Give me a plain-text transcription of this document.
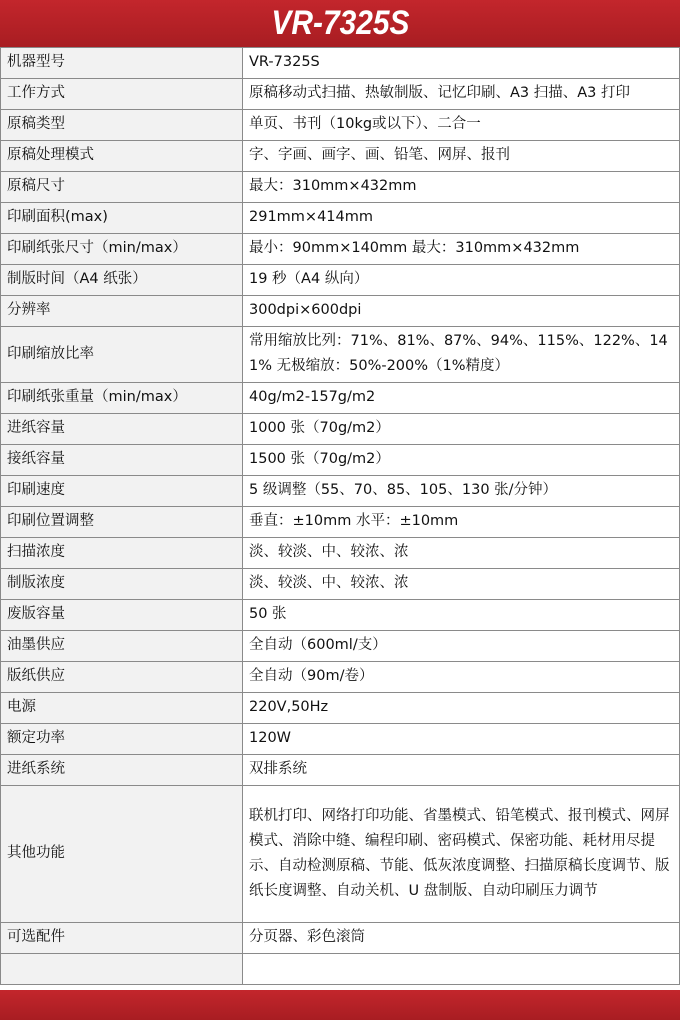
VR-7325S
机器型号	VR-7325S
工作方式	原稿移动式扫描、热敏制版、记忆印刷、A3 扫描、A3 打印
原稿类型	单页、书刊（10kg或以下）、二合一
原稿处理模式	字、字画、画字、画、铅笔、网屏、报刊
原稿尺寸	最大：310mm×432mm
印刷面积(max)	291mm×414mm
印刷纸张尺寸（min/max）	最小：90mm×140mm 最大：310mm×432mm
制版时间（A4 纸张）	19 秒（A4 纵向）
分辨率	300dpi×600dpi
印刷缩放比率	常用缩放比列：71%、81%、87%、94%、115%、122%、141% 无极缩放：50%-200%（1%精度）
印刷纸张重量（min/max）	40g/m2-157g/m2
进纸容量	1000 张（70g/m2）
接纸容量	1500 张（70g/m2）
印刷速度	5 级调整（55、70、85、105、130 张/分钟）
印刷位置调整	垂直：±10mm 水平：±10mm
扫描浓度	淡、较淡、中、较浓、浓
制版浓度	淡、较淡、中、较浓、浓
废版容量	50 张
油墨供应	全自动（600ml/支）
版纸供应	全自动（90m/卷）
电源	220V,50Hz
额定功率	120W
进纸系统	双排系统
其他功能	联机打印、网络打印功能、省墨模式、铅笔模式、报刊模式、网屏模式、消除中缝、编程印刷、密码模式、保密功能、耗材用尽提示、自动检测原稿、节能、低灰浓度调整、扫描原稿长度调节、版纸长度调整、自动关机、U 盘制版、自动印刷压力调节
可选配件	分页器、彩色滚筒
